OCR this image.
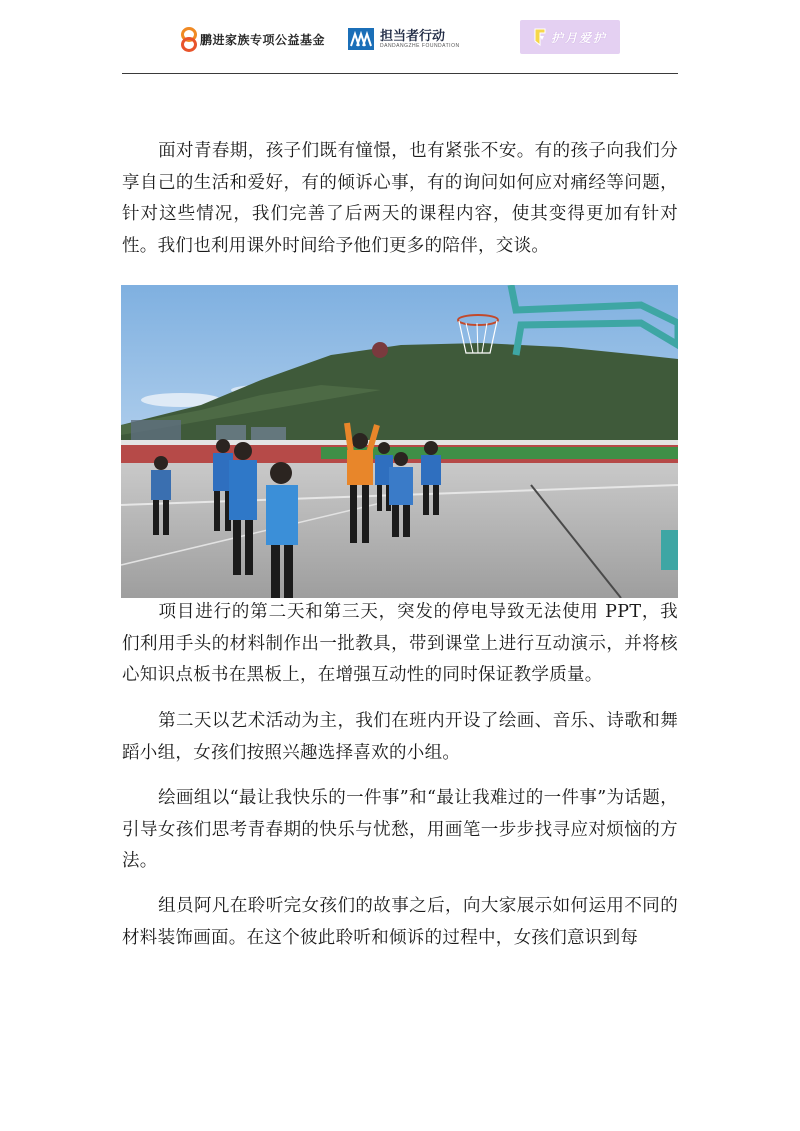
鹏进家族专项公益基金	担当者行动
DANDANGZHE FOUNDATION
护月爱护

面对青春期，孩子们既有憧憬，也有紧张不安。有的孩子向我们分享自己的生活和爱好，有的倾诉心事，有的询问如何应对痛经等问题，针对这些情况，我们完善了后两天的课程内容，使其变得更加有针对性。我们也利用课外时间给予他们更多的陪伴，交谈。

项目进行的第二天和第三天，突发的停电导致无法使用 PPT，我们利用手头的材料制作出一批教具，带到课堂上进行互动演示，并将核心知识点板书在黑板上，在增强互动性的同时保证教学质量。

第二天以艺术活动为主，我们在班内开设了绘画、音乐、诗歌和舞蹈小组，女孩们按照兴趣选择喜欢的小组。

绘画组以“最让我快乐的一件事”和“最让我难过的一件事”为话题，引导女孩们思考青春期的快乐与忧愁，用画笔一步步找寻应对烦恼的方法。

组员阿凡在聆听完女孩们的故事之后，向大家展示如何运用不同的材料装饰画面。在这个彼此聆听和倾诉的过程中，女孩们意识到每
